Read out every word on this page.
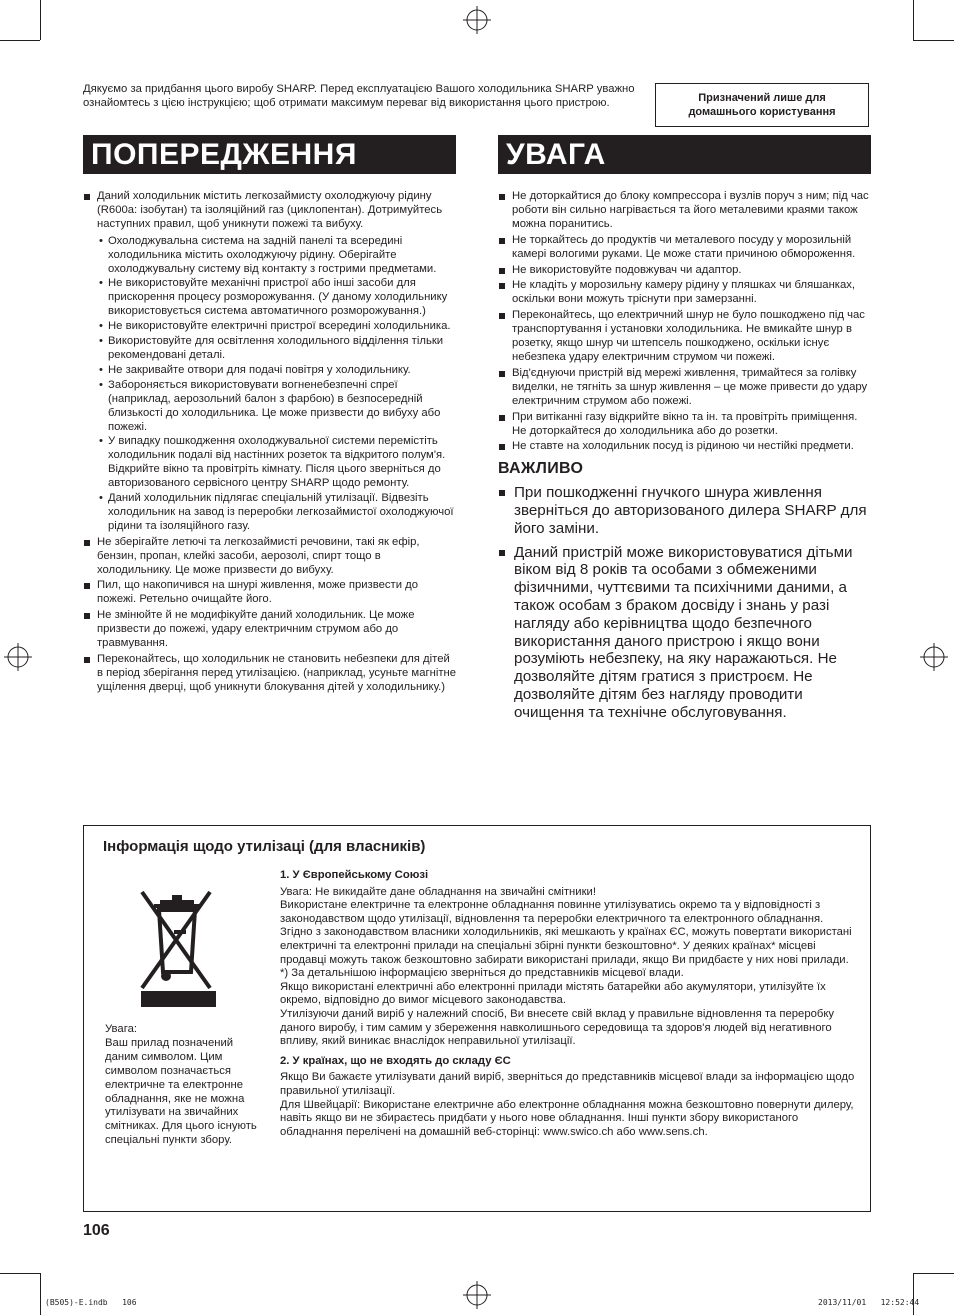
Дякуємо за придбання цього виробу SHARP. Перед експлуатацією Вашого холодильника SHARP уважно ознайомтесь з цією інструкцією; щоб отримати максимум переваг від використання цього пристрою.	Призначений лише для
домашнього користування
ПОПЕРЕДЖЕННЯ	УВАГА
Даний холодильник містить легкозаймисту охолоджуючу рідину (R600a: ізобутан) та ізоляційний газ (циклопентан). Дотримуйтесь наступних правил, щоб уникнути пожежі та вибуху.
• Охолоджувальна система на задній панелі та всередині холодильника містить охолоджуючу рідину. Оберігайте охолоджувальну систему від контакту з гострими предметами.
• Не використовуйте механічні пристрої або інші засоби для прискорення процесу розморожування. (У даному холодильнику використовується система автоматичного розморожування.)
• Не використовуйте електричні пристрої всередині холодильника.
• Використовуйте для освітлення холодильного відділення тільки рекомендовані деталі.
• Не закривайте отвори для подачі повітря у холодильнику.
• Забороняється використовувати вогненебезпечні спреї (наприклад, аерозольний балон з фарбою) в безпосередній близькості до холодильника. Це може призвести до вибуху або пожежі.
• У випадку пошкодження охолоджувальної системи перемістіть холодильник подалі від настінних розеток та відкритого полум'я. Відкрийте вікно та провітріть кімнату. Після цього зверніться до авторизованого сервісного центру SHARP щодо ремонту.
• Даний холодильник підлягає спеціальній утилізації. Відвезіть холодильник на завод із переробки легкозаймистої охолоджуючої рідини та ізоляційного газу.
Не зберігайте летючі та легкозаймисті речовини, такі як ефір, бензин, пропан, клейкі засоби, аерозолі, спирт тощо в холодильнику. Це може призвести до вибуху.
Пил, що накопичився на шнурі живлення, може призвести до пожежі. Ретельно очищайте його.
Не змінюйте й не модифікуйте даний холодильник. Це може призвести до пожежі, удару електричним струмом або до травмування.
Переконайтесь, що холодильник не становить небезпеки для дітей в період зберігання перед утилізацією. (наприклад, усуньте магнітне ущілення дверці, щоб уникнути блокування дітей у холодильнику.)
Не доторкайтися до блоку компрессора і вузлів поруч з ним; під час роботи він сильно нагрівається та його металевими краями також можна поранитись.
Не торкайтесь до продуктів чи металевого посуду у морозильній камері вологими руками. Це може стати причиною обмороження.
Не використовуйте подовжувач чи адаптор.
Не кладіть у морозильну камеру рідину у пляшках чи бляшанках, оскільки вони можуть тріснути при замерзанні.
Переконайтесь, що електричний шнур не було пошкоджено під час транспортування і установки холодильника. Не вмикайте шнур в розетку, якщо шнур чи штепсель пошкоджено, оскільки існує небезпека удару електричним струмом чи пожежі.
Від'єднуючи пристрій від мережі живлення, тримайтеся за голівку виделки, не тягніть за шнур живлення – це може привести до удару електричним струмом або пожежі.
При витіканні газу відкрийте вікно та ін. та провітріть приміщення. Не доторкайтеся до холодильника або до розетки.
Не ставте на холодильник посуд із рідиною чи нестійкі предмети.
ВАЖЛИВО
При пошкодженні гнучкого шнура живлення зверніться до авторизованого дилера SHARP для його заміни.
Даний пристрій може використовуватися дітьми віком від 8 років та особами з обмеженими фізичними, чуттєвими та психічними даними, а також особам з браком досвіду і знань у разі нагляду або керівництва щодо безпечного використання даного пристрою і якщо вони розуміють небезпеку, на яку наражаються. Не дозволяйте дітям гратися з пристроєм. Не дозволяйте дітям без нагляду проводити очищення та технічне обслуговування.
Інформація щодо утилізаці (для власників)
Увага:
Ваш прилад позначений даним символом. Цим символом позначається електричне та електронне обладнання, яке не можна утилізувати на звичайних смітниках. Для цього існують спеціальні пункти збору.
1. У Європейському Союзі

Увага: Не викидайте дане обладнання на звичайні смітники!

Використане електричне та електронне обладнання повинне утилізуватись окремо та у відповідності з законодавством щодо утилізації, відновлення та переробки електричного та електронного обладнання.

Згідно з законодавством власники холодильників, які мешкають у країнах ЄС, можуть повертати використані електричні та електронні прилади на спеціальні збірні пункти безкоштовно*. У деяких країнах* місцеві продавці можуть також безкоштовно забирати використані прилади, якщо Ви придбаєте у них нові прилади.

*) За детальнішою інформацією зверніться до представників місцевої влади.

Якщо використані електричні або електронні прилади містять батарейки або акумулятори, утилізуйте їх окремо, відповідно до вимог місцевого законодавства.

Утилізуючи даний виріб у належний спосіб, Ви внесете свій вклад у правильне відновлення та переробку даного виробу, і тим самим у збереження навколишнього середовища та здоров'я людей від негативного впливу, який виникає внаслідок неправильної утилізації.

2. У країнах, що не входять до складу ЄС

Якщо Ви бажаєте утилізувати даний виріб, зверніться до представників місцевої влади за інформацією щодо правильної утилізації.

Для Швейцарії: Використане електричне або електронне обладнання можна безкоштовно повернути дилеру, навіть якщо ви не збираєтесь придбати у нього нове обладнання. Інші пункти збору використаного обладнання перелічені на домашній веб-сторінці: www.swico.ch або www.sens.ch.

106
(B505)-E.indb   106	2013/11/01   12:52:44
